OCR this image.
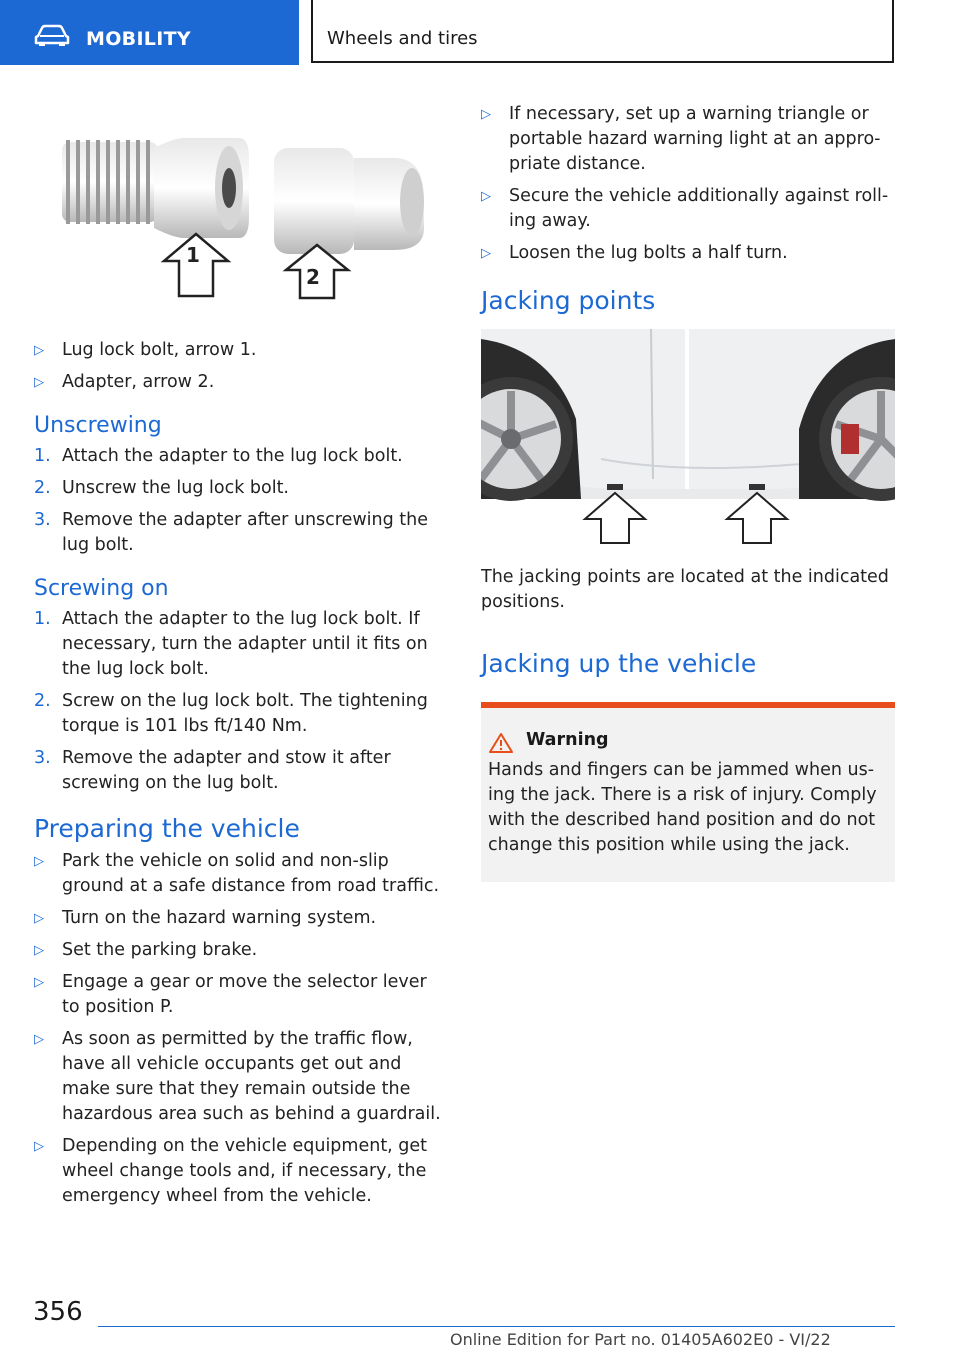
MOBILITY	Wheels and tires
1
2
▷ Lug lock bolt, arrow 1.
▷ Adapter, arrow 2.
Unscrewing
1. Attach the adapter to the lug lock bolt.
2. Unscrew the lug lock bolt.
3. Remove the adapter after unscrewing the lug bolt.
Screwing on
1. Attach the adapter to the lug lock bolt. If necessary, turn the adapter until it fits on the lug lock bolt.
2. Screw on the lug lock bolt. The tightening torque is 101 lbs ft/140 Nm.
3. Remove the adapter and stow it after screwing on the lug bolt.
Preparing the vehicle
▷ Park the vehicle on solid and non-slip ground at a safe distance from road traffic.
▷ Turn on the hazard warning system.
▷ Set the parking brake.
▷ Engage a gear or move the selector lever to position P.
▷ As soon as permitted by the traffic flow, have all vehicle occupants get out and make sure that they remain outside the hazardous area such as behind a guardrail.
▷ Depending on the vehicle equipment, get wheel change tools and, if necessary, the emergency wheel from the vehicle.
▷ If necessary, set up a warning triangle or portable hazard warning light at an appro‐priate distance.
▷ Secure the vehicle additionally against roll‐ing away.
▷ Loosen the lug bolts a half turn.
Jacking points

The jacking points are located at the indicated positions.

Jacking up the vehicle
Warning

Hands and fingers can be jammed when us‐ing the jack. There is a risk of injury. Comply with the described hand position and do not change this position while using the jack.

356
Online Edition for Part no. 01405A602E0 - VI/22
